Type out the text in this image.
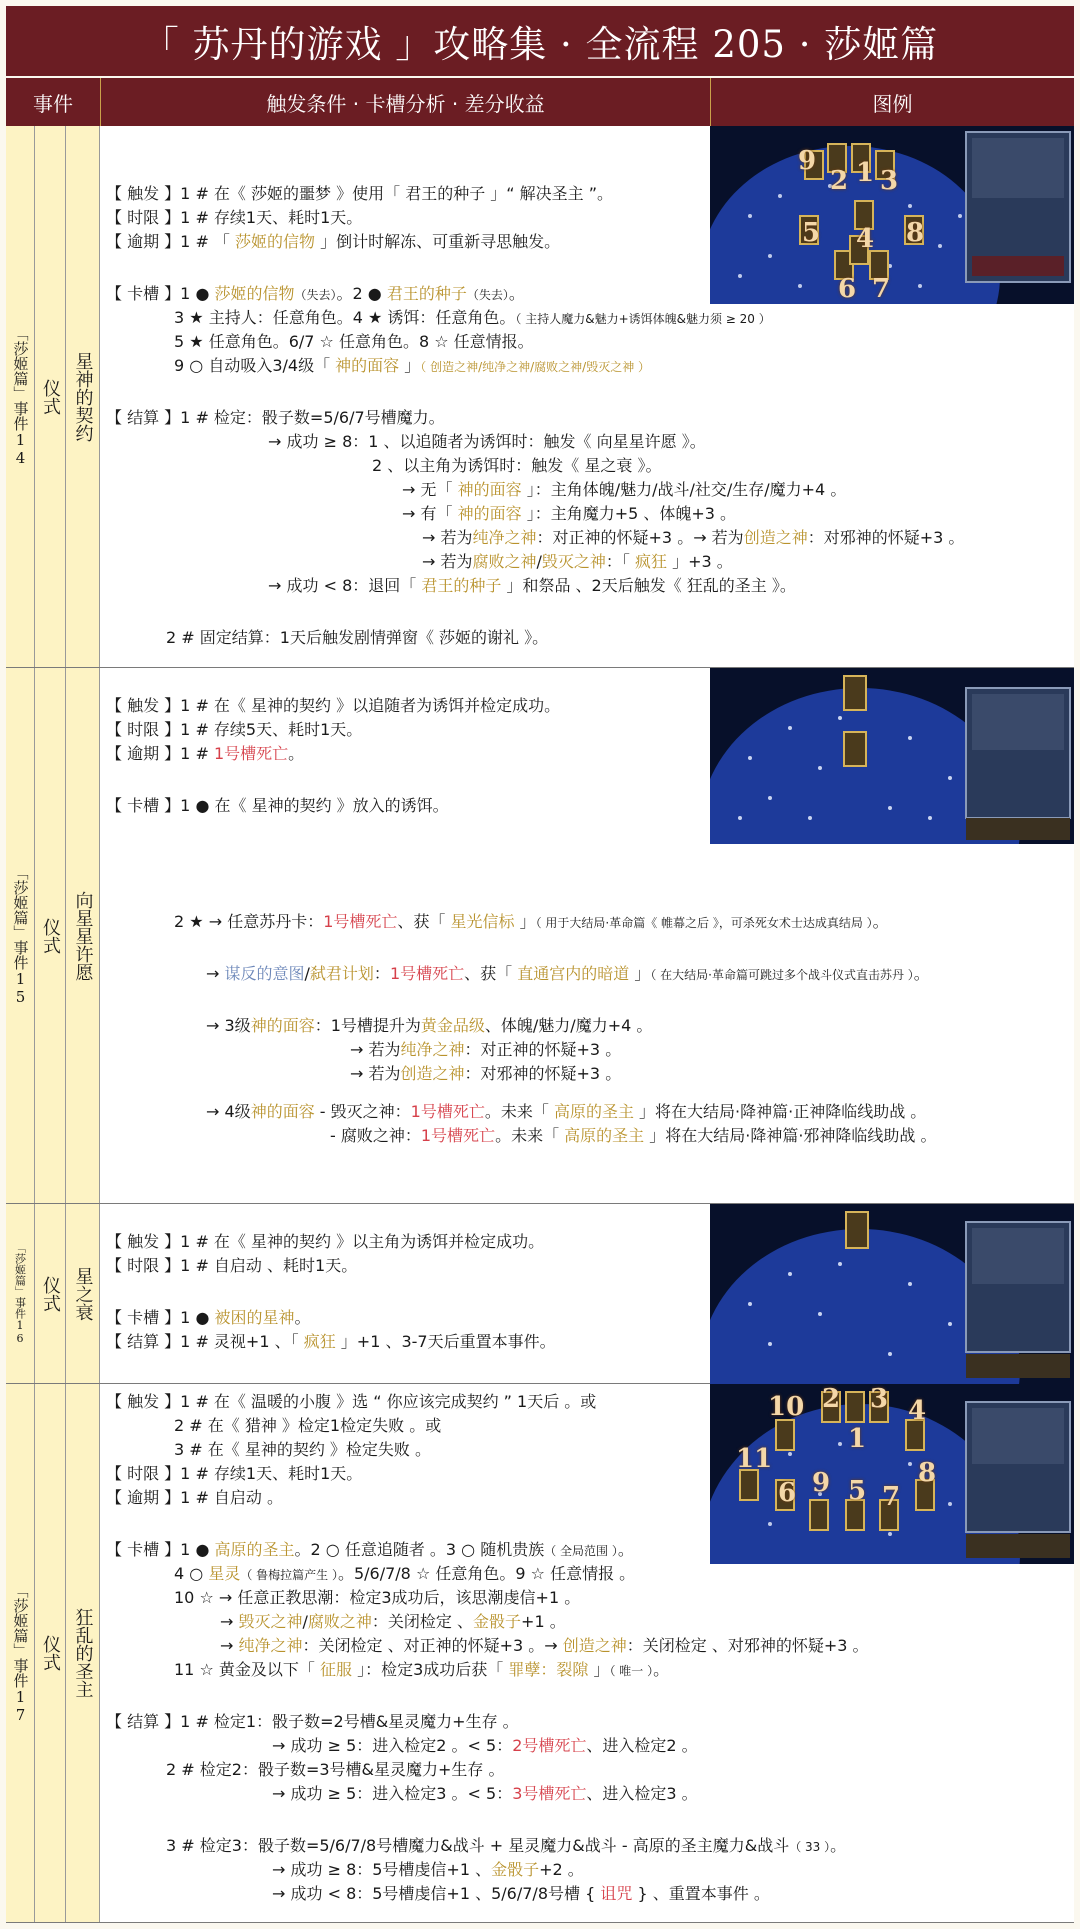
「 苏丹的游戏 」攻略集 · 全流程 205 · 莎姬篇
事件	触发条件 · 卡槽分析 · 差分收益	图例
「莎姬篇」事件14 仪式 星神的契约
9
2 1 3
5 4 8
6 7
【 触发 】1 # 在《 莎姬的噩梦 》使用「 君王的种子 」“ 解决圣主 ”。
【 时限 】1 # 存续1天、耗时1天。
【 逾期 】1 # 「 莎姬的信物 」倒计时解冻、可重新寻思触发。
【 卡槽 】1 ● 莎姬的信物（失去）。2 ● 君王的种子（失去）。
3 ★ 主持人：任意角色。4 ★ 诱饵：任意角色。（ 主持人魔力&魅力+诱饵体魄&魅力须 ≥ 20 ）
5 ★ 任意角色。6/7 ☆ 任意角色。8 ☆ 任意情报。
9 ○ 自动吸入3/4级「 神的面容 」（ 创造之神/纯净之神/腐败之神/毁灭之神 ）
【 结算 】1 # 检定：骰子数=5/6/7号槽魔力。
→ 成功 ≥ 8：1 、以追随者为诱饵时：触发《 向星星许愿 》。
2 、以主角为诱饵时：触发《 星之衰 》。
→ 无「 神的面容 」：主角体魄/魅力/战斗/社交/生存/魔力+4 。
→ 有「 神的面容 」：主角魔力+5 、体魄+3 。
→ 若为纯净之神：对正神的怀疑+3 。→ 若为创造之神：对邪神的怀疑+3 。
→ 若为腐败之神/毁灭之神：「 疯狂 」+3 。
→ 成功 < 8：退回「 君王的种子 」和祭品 、2天后触发《 狂乱的圣主 》。
2 # 固定结算：1天后触发剧情弹窗《 莎姬的谢礼 》。
「莎姬篇」事件15 仪式 向星星许愿
【 触发 】1 # 在《 星神的契约 》以追随者为诱饵并检定成功。
【 时限 】1 # 存续5天、耗时1天。
【 逾期 】1 # 1号槽死亡。
【 卡槽 】1 ● 在《 星神的契约 》放入的诱饵。
2 ★ → 任意苏丹卡：1号槽死亡、获「 星光信标 」（ 用于大结局·革命篇《 帷幕之后 》，可杀死女术士达成真结局 ）。
→ 谋反的意图/弑君计划：1号槽死亡、获「 直通宫内的暗道 」（ 在大结局·革命篇可跳过多个战斗仪式直击苏丹 ）。
→ 3级神的面容：1号槽提升为黄金品级、体魄/魅力/魔力+4 。
→ 若为纯净之神：对正神的怀疑+3 。
→ 若为创造之神：对邪神的怀疑+3 。
→ 4级神的面容 - 毁灭之神：1号槽死亡。未来「 高原的圣主 」将在大结局·降神篇·正神降临线助战 。
- 腐败之神：1号槽死亡。未来「 高原的圣主 」将在大结局·降神篇·邪神降临线助战 。
「莎姬篇」事件16 仪式 星之衰
【 触发 】1 # 在《 星神的契约 》以主角为诱饵并检定成功。
【 时限 】1 # 自启动 、耗时1天。
【 卡槽 】1 ● 被困的星神。
【 结算 】1 # 灵视+1 、「 疯狂 」+1 、3-7天后重置本事件。
「莎姬篇」事件17 仪式 狂乱的圣主
10 2 3 4
1
11
9	8
6 5 7
【 触发 】1 # 在《 温暖的小腹 》选 “ 你应该完成契约 ” 1天后 。或
2 # 在《 猎神 》检定1检定失败 。或
3 # 在《 星神的契约 》检定失败 。
【 时限 】1 # 存续1天、耗时1天。
【 逾期 】1 # 自启动 。
【 卡槽 】1 ● 高原的圣主。2 ○ 任意追随者 。3 ○ 随机贵族（ 全局范围 ）。
4 ○ 星灵（ 鲁梅拉篇产生 ）。5/6/7/8 ☆ 任意角色。9 ☆ 任意情报 。
10 ☆ → 任意正教思潮：检定3成功后，该思潮虔信+1 。
→ 毁灭之神/腐败之神：关闭检定 、金骰子+1 。
→ 纯净之神：关闭检定 、对正神的怀疑+3 。→ 创造之神：关闭检定 、对邪神的怀疑+3 。
11 ☆ 黄金及以下「 征服 」：检定3成功后获「 罪孽：裂隙 」（ 唯一 ）。
【 结算 】1 # 检定1：骰子数=2号槽&星灵魔力+生存 。
→ 成功 ≥ 5：进入检定2 。< 5：2号槽死亡、进入检定2 。
2 # 检定2：骰子数=3号槽&星灵魔力+生存 。
→ 成功 ≥ 5：进入检定3 。< 5：3号槽死亡、进入检定3 。
3 # 检定3：骰子数=5/6/7/8号槽魔力&战斗 + 星灵魔力&战斗 - 高原的圣主魔力&战斗（ 33 ）。
→ 成功 ≥ 8：5号槽虔信+1 、金骰子+2 。
→ 成功 < 8：5号槽虔信+1 、5/6/7/8号槽 { 诅咒 } 、重置本事件 。
